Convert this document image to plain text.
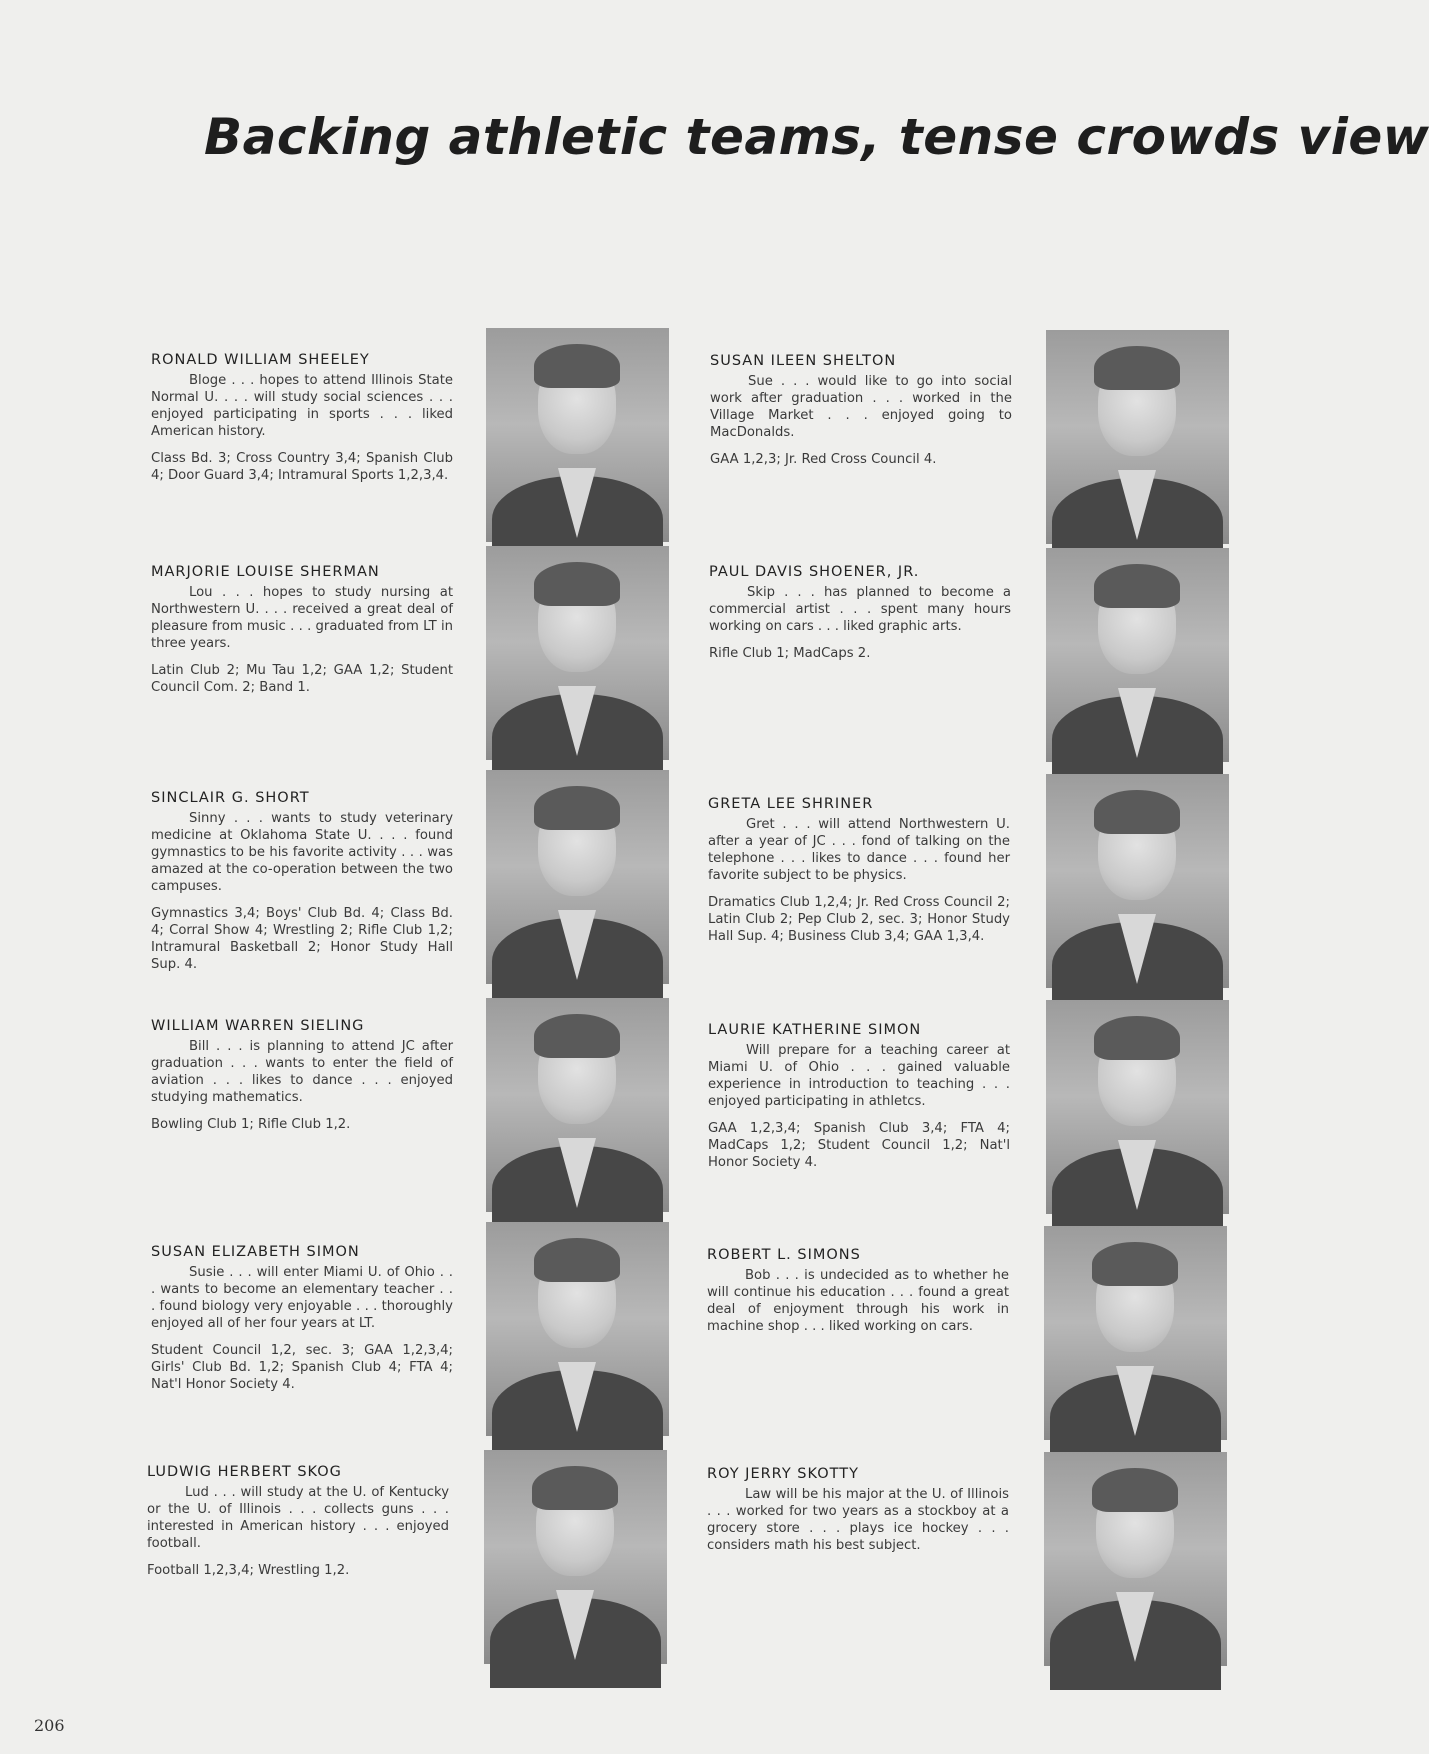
Backing athletic teams, tense crowds view
RONALD WILLIAM SHEELEY
Bloge . . . hopes to attend Illinois State Normal U. . . . will study social sciences . . . enjoyed participating in sports . . . liked American history.
Class Bd. 3; Cross Country 3,4; Spanish Club 4; Door Guard 3,4; Intramural Sports 1,2,3,4.
MARJORIE LOUISE SHERMAN
Lou . . . hopes to study nursing at Northwestern U. . . . received a great deal of pleasure from music . . . graduated from LT in three years.
Latin Club 2; Mu Tau 1,2; GAA 1,2; Student Council Com. 2; Band 1.
SINCLAIR G. SHORT
Sinny . . . wants to study veterinary medicine at Oklahoma State U. . . . found gymnastics to be his favorite activity . . . was amazed at the co-operation between the two campuses.
Gymnastics 3,4; Boys' Club Bd. 4; Class Bd. 4; Corral Show 4; Wrestling 2; Rifle Club 1,2; Intramural Basketball 2; Honor Study Hall Sup. 4.
WILLIAM WARREN SIELING
Bill . . . is planning to attend JC after graduation . . . wants to enter the field of aviation . . . likes to dance . . . enjoyed studying mathematics.
Bowling Club 1; Rifle Club 1,2.
SUSAN ELIZABETH SIMON
Susie . . . will enter Miami U. of Ohio . . . wants to become an elementary teacher . . . found biology very enjoyable . . . thoroughly enjoyed all of her four years at LT.
Student Council 1,2, sec. 3; GAA 1,2,3,4; Girls' Club Bd. 1,2; Spanish Club 4; FTA 4; Nat'l Honor Society 4.
LUDWIG HERBERT SKOG
Lud . . . will study at the U. of Kentucky or the U. of Illinois . . . collects guns . . . interested in American history . . . enjoyed football.
Football 1,2,3,4; Wrestling 1,2.
SUSAN ILEEN SHELTON
Sue . . . would like to go into social work after graduation . . . worked in the Village Market . . . enjoyed going to MacDonalds.
GAA 1,2,3; Jr. Red Cross Council 4.
PAUL DAVIS SHOENER, JR.
Skip . . . has planned to become a commercial artist . . . spent many hours working on cars . . . liked graphic arts.
Rifle Club 1; MadCaps 2.
GRETA LEE SHRINER
Gret . . . will attend Northwestern U. after a year of JC . . . fond of talking on the telephone . . . likes to dance . . . found her favorite subject to be physics.
Dramatics Club 1,2,4; Jr. Red Cross Council 2; Latin Club 2; Pep Club 2, sec. 3; Honor Study Hall Sup. 4; Business Club 3,4; GAA 1,3,4.
LAURIE KATHERINE SIMON
Will prepare for a teaching career at Miami U. of Ohio . . . gained valuable experience in introduction to teaching . . . enjoyed participating in athletcs.
GAA 1,2,3,4; Spanish Club 3,4; FTA 4; MadCaps 1,2; Student Council 1,2; Nat'l Honor Society 4.
ROBERT L. SIMONS
Bob . . . is undecided as to whether he will continue his education . . . found a great deal of enjoyment through his work in machine shop . . . liked working on cars.
ROY JERRY SKOTTY
Law will be his major at the U. of Illinois . . . worked for two years as a stockboy at a grocery store . . . plays ice hockey . . . considers math his best subject.
206
